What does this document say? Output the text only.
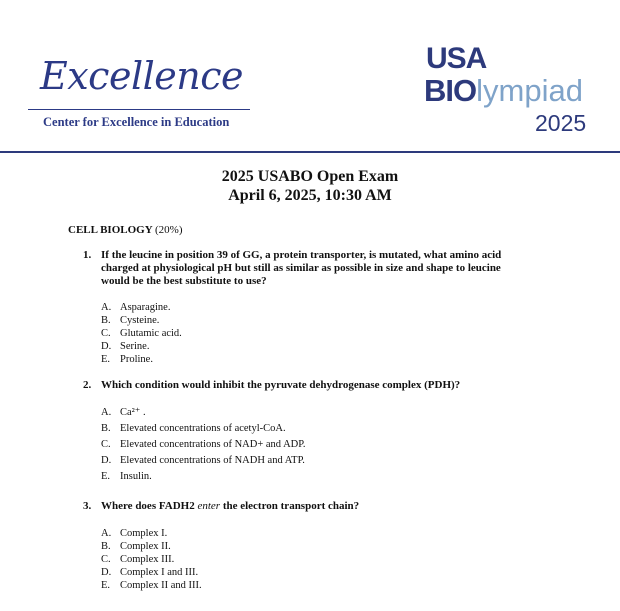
Excellence
Center for Excellence in Education
USA
BIOlympiad
2025
2025 USABO Open Exam
April 6, 2025, 10:30 AM
CELL BIOLOGY (20%)
1. If the leucine in position 39 of GG, a protein transporter, is mutated, what amino acid
charged at physiological pH but still as similar as possible in size and shape to leucine
would be the best substitute to use?
A. Asparagine.
B. Cysteine.
C. Glutamic acid.
D. Serine.
E. Proline.
2. Which condition would inhibit the pyruvate dehydrogenase complex (PDH)?
A. Ca²⁺ .
B. Elevated concentrations of acetyl-CoA.
C. Elevated concentrations of NAD+ and ADP.
D. Elevated concentrations of NADH and ATP.
E. Insulin.
3. Where does FADH2 enter the electron transport chain?
A. Complex I.
B. Complex II.
C. Complex III.
D. Complex I and III.
E. Complex II and III.
